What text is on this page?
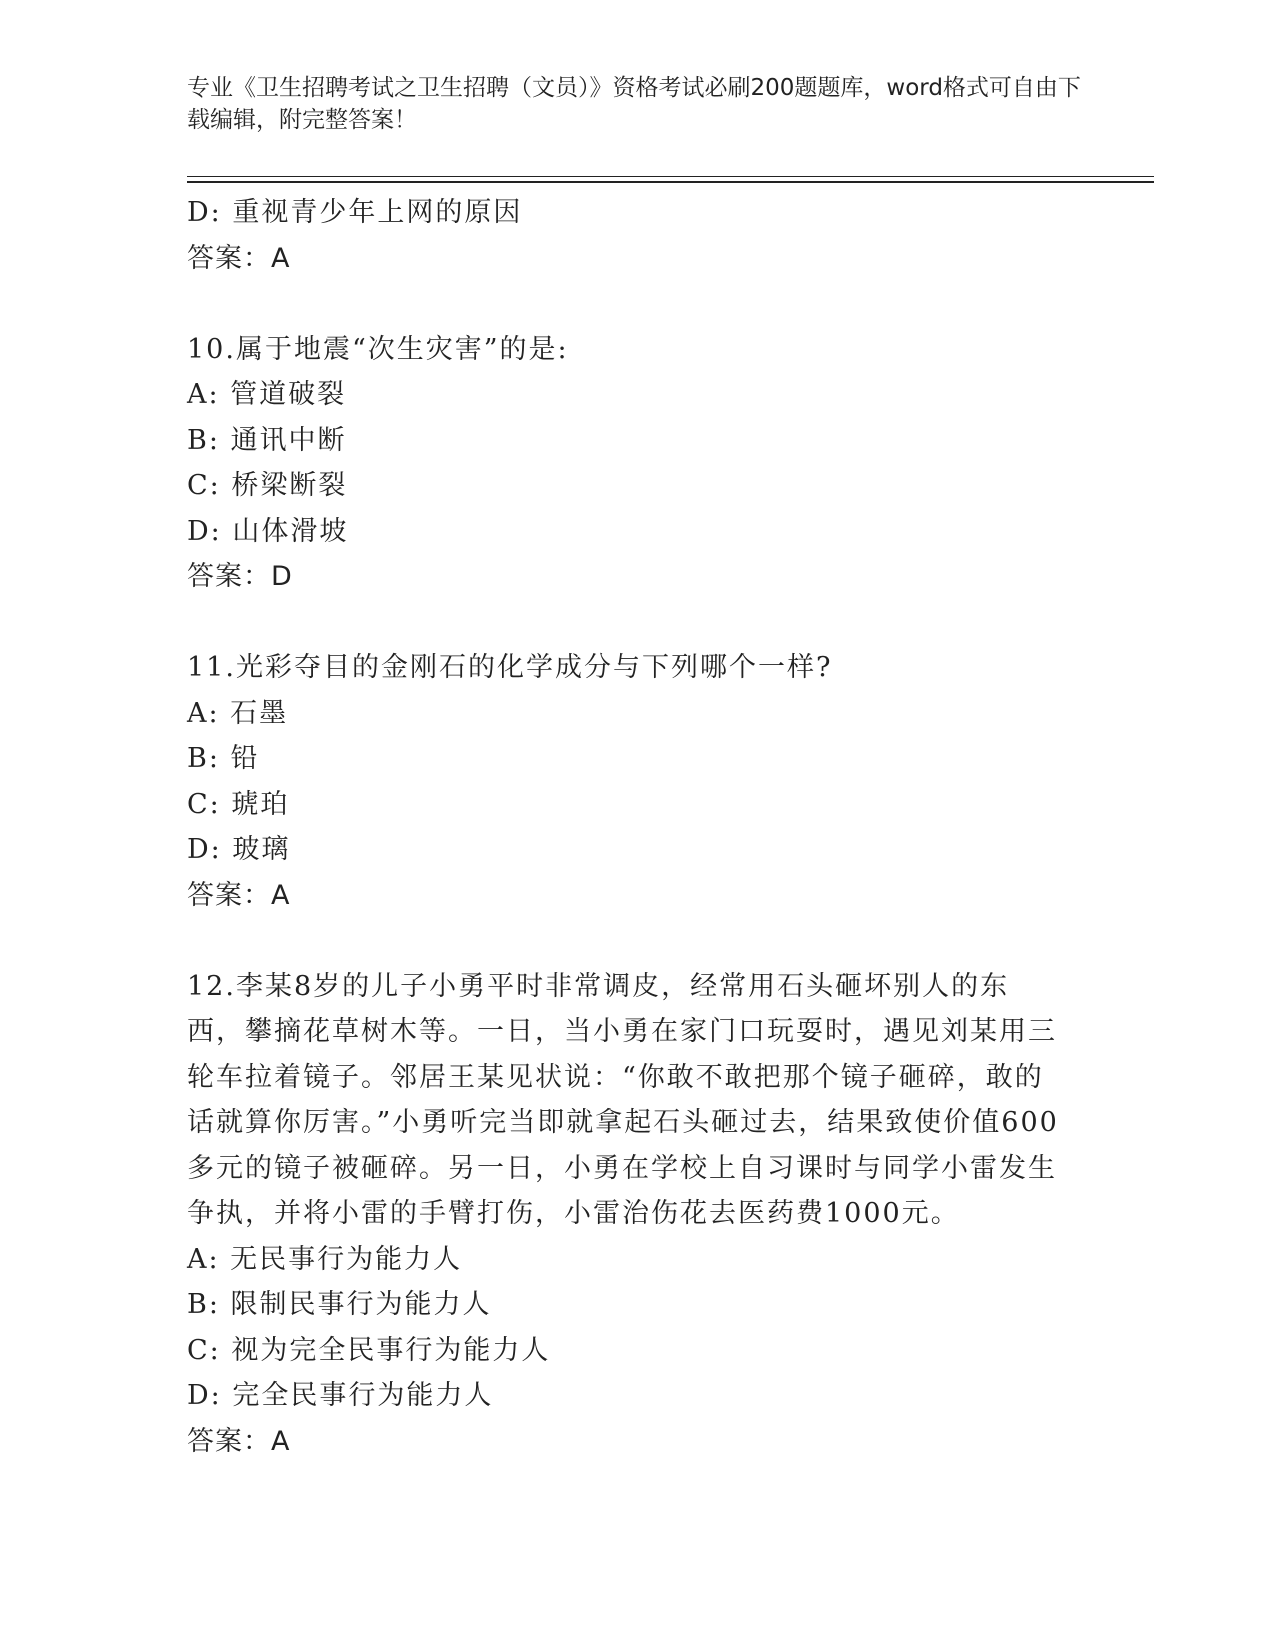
专业《卫生招聘考试之卫生招聘（文员）》资格考试必刷200题题库，word格式可自由下载编辑，附完整答案！
D: 重视青少年上网的原因
答案：A
10.属于地震“次生灾害”的是:
A: 管道破裂
B: 通讯中断
C: 桥梁断裂
D: 山体滑坡
答案：D
11.光彩夺目的金刚石的化学成分与下列哪个一样?
A: 石墨
B: 铅
C: 琥珀
D: 玻璃
答案：A
12.李某8岁的儿子小勇平时非常调皮，经常用石头砸坏别人的东西，攀摘花草树木等。一日，当小勇在家门口玩耍时，遇见刘某用三轮车拉着镜子。邻居王某见状说：“你敢不敢把那个镜子砸碎，敢的话就算你厉害。”小勇听完当即就拿起石头砸过去，结果致使价值600多元的镜子被砸碎。另一日，小勇在学校上自习课时与同学小雷发生争执，并将小雷的手臂打伤，小雷治伤花去医药费1000元。
A: 无民事行为能力人
B: 限制民事行为能力人
C: 视为完全民事行为能力人
D: 完全民事行为能力人
答案：A
